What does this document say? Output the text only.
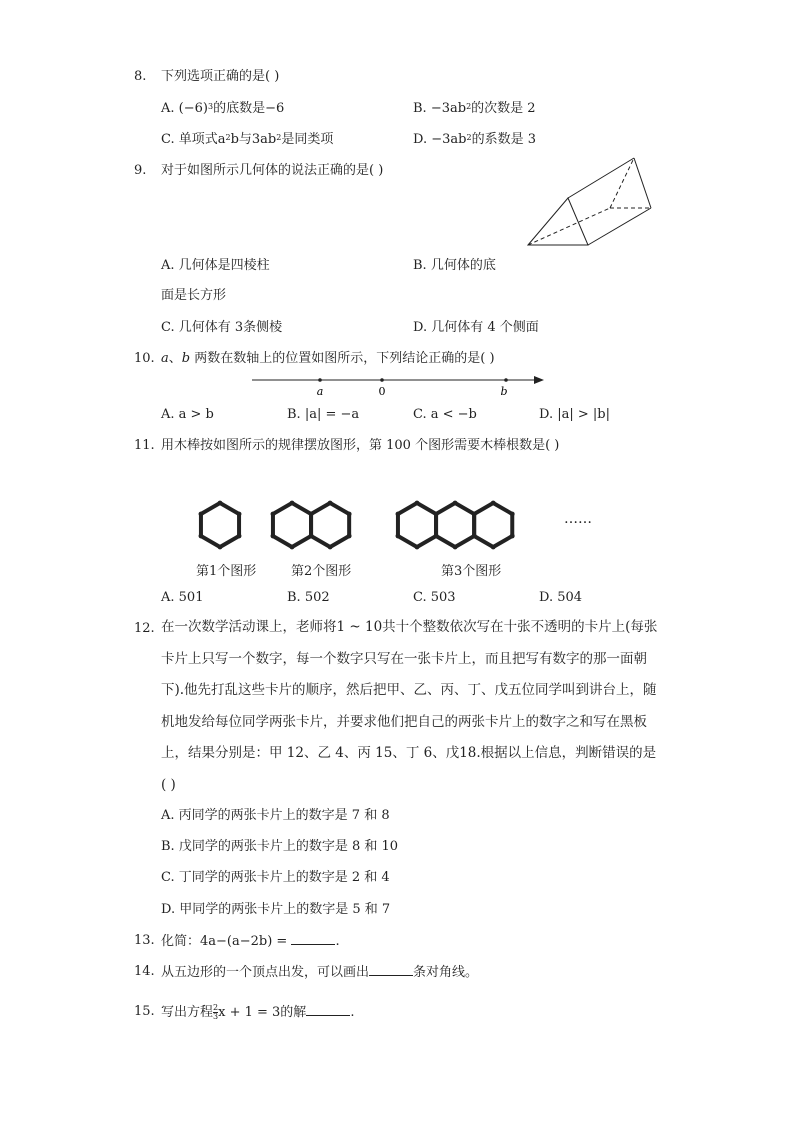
8. 下列选项正确的是( )
A. $(-6)^3$的底数是−6	B. $-3ab^2$的次数是 2
C. 单项式$a^2b$与$3ab^2$是同类项	D. $-3ab^2$的系数是 3
9. 对于如图所示几何体的说法正确的是( )
A. 几何体是四棱柱	B. 几何体的底
面是长方形
C. 几何体有 3条侧棱	D. 几何体有 4 个侧面
10. a、b 两数在数轴上的位置如图所示，下列结论正确的是( )
a	0	b
A. a > b	B. |a| = −a	C. a < −b	D. |a| > |b|
11. 用木棒按如图所示的规律摆放图形，第 100 个图形需要木棒根数是( )
……
第1个图形	第2个图形	第3个图形
A. 501	B. 502	C. 503	D. 504
12. 在一次数学活动课上，老师将1 ~ 10共十个整数依次写在十张不透明的卡片上(每张卡片上只写一个数字，每一个数字只写在一张卡片上，而且把写有数字的那一面朝下).他先打乱这些卡片的顺序，然后把甲、乙、丙、丁、戊五位同学叫到讲台上，随机地发给每位同学两张卡片，并要求他们把自己的两张卡片上的数字之和写在黑板上，结果分别是：甲 12、乙 4、丙 15、丁 6、戊18.根据以上信息，判断错误的是( )
A. 丙同学的两张卡片上的数字是 7 和 8
B. 戊同学的两张卡片上的数字是 8 和 10
C. 丁同学的两张卡片上的数字是 2 和 4
D. 甲同学的两张卡片上的数字是 5 和 7
13. 化简：4a−(a−2b) =	.
14. 从五边形的一个顶点出发，可以画出	条对角线。
15. 写出方程 $\frac{2}{3}$ x + 1 = 3的解	.
